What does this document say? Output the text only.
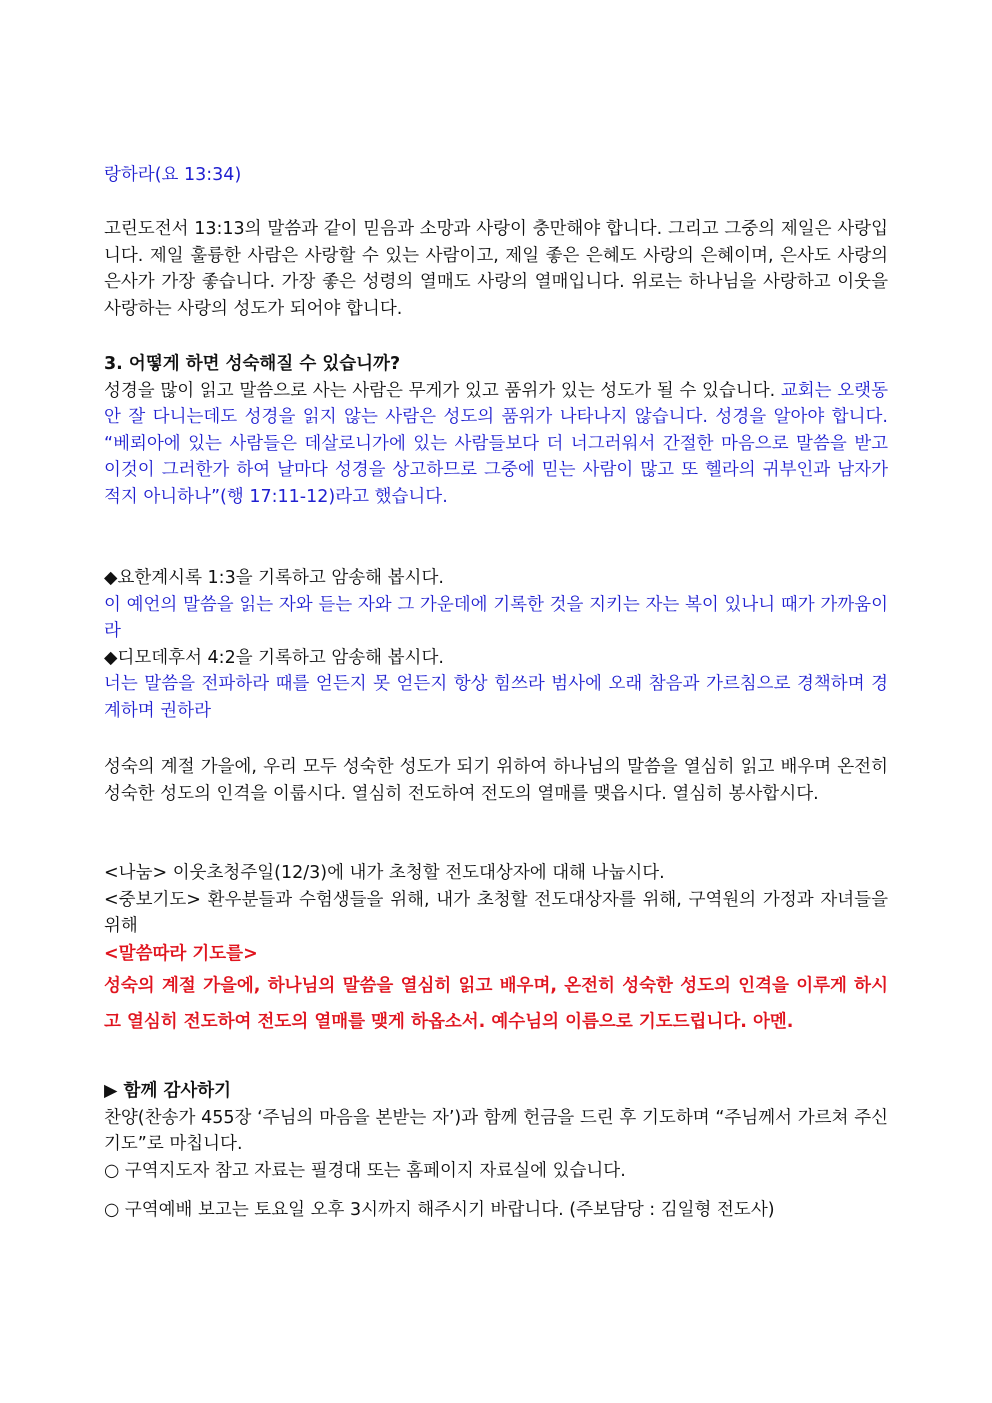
랑하라(요 13:34)

고린도전서 13:13의 말씀과 같이 믿음과 소망과 사랑이 충만해야 합니다. 그리고 그중의 제일은 사랑입니다. 제일 훌륭한 사람은 사랑할 수 있는 사람이고, 제일 좋은 은혜도 사랑의 은혜이며, 은사도 사랑의 은사가 가장 좋습니다. 가장 좋은 성령의 열매도 사랑의 열매입니다. 위로는 하나님을 사랑하고 이웃을 사랑하는 사랑의 성도가 되어야 합니다.

3. 어떻게 하면 성숙해질 수 있습니까?

성경을 많이 읽고 말씀으로 사는 사람은 무게가 있고 품위가 있는 성도가 될 수 있습니다. 교회는 오랫동안 잘 다니는데도 성경을 읽지 않는 사람은 성도의 품위가 나타나지 않습니다. 성경을 알아야 합니다. “베뢰아에 있는 사람들은 데살로니가에 있는 사람들보다 더 너그러워서 간절한 마음으로 말씀을 받고 이것이 그러한가 하여 날마다 성경을 상고하므로 그중에 믿는 사람이 많고 또 헬라의 귀부인과 남자가 적지 아니하나”(행 17:11-12)라고 했습니다.

◆요한계시록 1:3을 기록하고 암송해 봅시다.

이 예언의 말씀을 읽는 자와 듣는 자와 그 가운데에 기록한 것을 지키는 자는 복이 있나니 때가 가까움이라

◆디모데후서 4:2을 기록하고 암송해 봅시다.

너는 말씀을 전파하라 때를 얻든지 못 얻든지 항상 힘쓰라 범사에 오래 참음과 가르침으로 경책하며 경계하며 권하라

성숙의 계절 가을에, 우리 모두 성숙한 성도가 되기 위하여 하나님의 말씀을 열심히 읽고 배우며 온전히 성숙한 성도의 인격을 이룹시다. 열심히 전도하여 전도의 열매를 맺읍시다. 열심히 봉사합시다.

<나눔> 이웃초청주일(12/3)에 내가 초청할 전도대상자에 대해 나눕시다.

<중보기도> 환우분들과 수험생들을 위해, 내가 초청할 전도대상자를 위해, 구역원의 가정과 자녀들을 위해

<말씀따라 기도를>

성숙의 계절 가을에, 하나님의 말씀을 열심히 읽고 배우며, 온전히 성숙한 성도의 인격을 이루게 하시고 열심히 전도하여 전도의 열매를 맺게 하옵소서. 예수님의 이름으로 기도드립니다. 아멘.

▶ 함께 감사하기

찬양(찬송가 455장 ‘주님의 마음을 본받는 자’)과 함께 헌금을 드린 후 기도하며 “주님께서 가르쳐 주신 기도”로 마칩니다.

○ 구역지도자 참고 자료는 필경대 또는 홈페이지 자료실에 있습니다.

○ 구역예배 보고는 토요일 오후 3시까지 해주시기 바랍니다. (주보담당 : 김일형 전도사)
